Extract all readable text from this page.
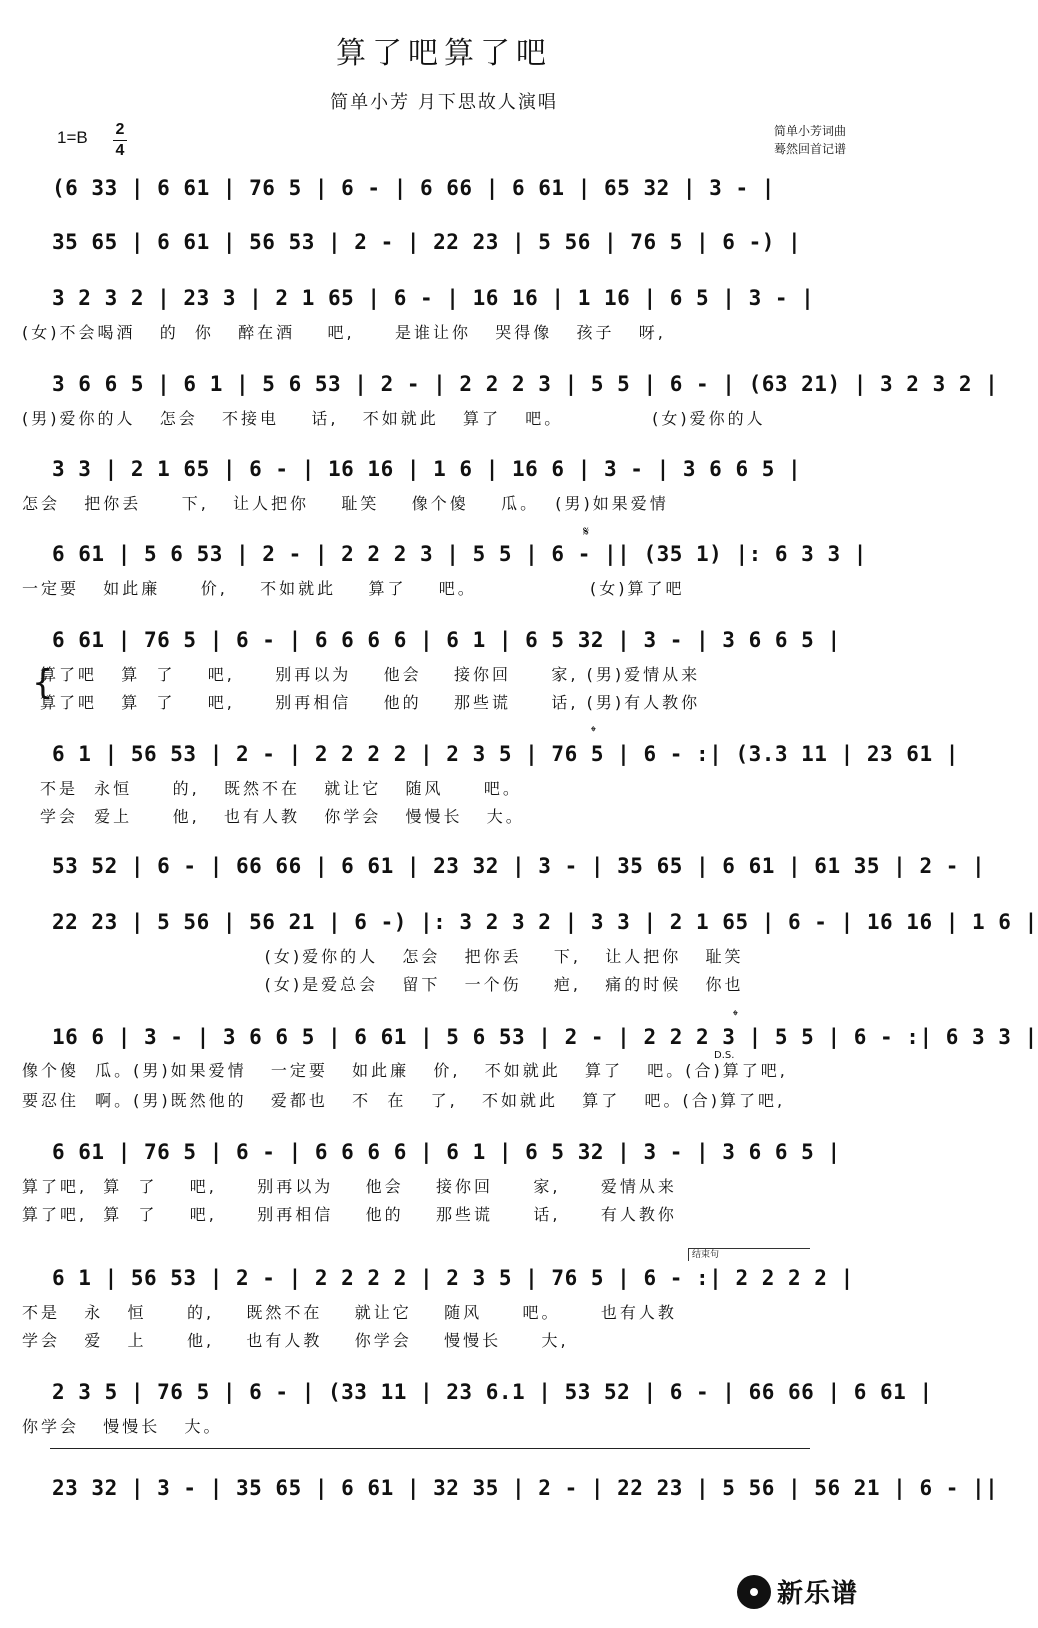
算了吧算了吧
简单小芳 月下思故人演唱
1=B	2
4
简单小芳词曲
蓦然回首记谱
(6 33 | 6 61 | 76 5 | 6 - | 6 66 | 6 61 | 65 32 | 3 - |
35 65 | 6 61 | 56 53 | 2 - | 22 23 | 5 56 | 76 5 | 6 -) |
3 2 3 2 | 23 3 | 2 1 65 | 6 - | 16 16 | 1 16 | 6 5 | 3 - |
(女)不会喝酒   的  你   醉在酒    吧,     是谁让你   哭得像   孩子   呀,
3 6 6 5 | 6 1 | 5 6 53 | 2 - | 2 2 2 3 | 5 5 | 6 - | (63 21) | 3 2 3 2 |
(男)爱你的人   怎会   不接电    话,   不如就此   算了   吧。           (女)爱你的人
3 3 | 2 1 65 | 6 - | 16 16 | 1 6 | 16 6 | 3 - | 3 6 6 5 |
怎会   把你丢     下,   让人把你    耻笑    像个傻    瓜。  (男)如果爱情
𝄋
6 61 | 5 6 53 | 2 - | 2 2 2 3 | 5 5 | 6 - || (35 1) |: 6 3 3 |
一定要   如此廉     价,    不如就此    算了    吧。              (女)算了吧
6 61 | 76 5 | 6 - | 6 6 6 6 | 6 1 | 6 5 32 | 3 - | 3 6 6 5 |
{
算了吧   算  了    吧,     别再以为    他会    接你回     家, (男)爱情从来
算了吧   算  了    吧,     别再相信    他的    那些谎     话, (男)有人教你
𝄌
6 1 | 56 53 | 2 - | 2 2 2 2 | 2 3 5 | 76 5 | 6 - :| (3.3 11 | 23 61 |
不是  永恒     的,   既然不在   就让它   随风     吧。
学会  爱上     他,   也有人教   你学会   慢慢长   大。
53 52 | 6 - | 66 66 | 6 61 | 23 32 | 3 - | 35 65 | 6 61 | 61 35 | 2 - |
22 23 | 5 56 | 56 21 | 6 -) |: 3 2 3 2 | 3 3 | 2 1 65 | 6 - | 16 16 | 1 6 |
(女)爱你的人   怎会   把你丢    下,   让人把你   耻笑
(女)是爱总会   留下   一个伤    疤,   痛的时候   你也
𝄌
16 6 | 3 - | 3 6 6 5 | 6 61 | 5 6 53 | 2 - | 2 2 2 3 | 5 5 | 6 - :| 6 3 3 |
D.S.
像个傻  瓜。(男)如果爱情   一定要   如此廉   价,   不如就此   算了   吧。(合)算了吧,
要忍住  啊。(男)既然他的   爱都也   不  在   了,   不如就此   算了   吧。(合)算了吧,
6 61 | 76 5 | 6 - | 6 6 6 6 | 6 1 | 6 5 32 | 3 - | 3 6 6 5 |
算了吧,  算  了    吧,     别再以为    他会    接你回     家,     爱情从来
算了吧,  算  了    吧,     别再相信    他的    那些谎     话,     有人教你
结束句
6 1 | 56 53 | 2 - | 2 2 2 2 | 2 3 5 | 76 5 | 6 - :| 2 2 2 2 |
不是   永   恒     的,    既然不在    就让它    随风     吧。     也有人教
学会   爱   上     他,    也有人教    你学会    慢慢长     大,
2 3 5 | 76 5 | 6 - | (33 11 | 23 6.1 | 53 52 | 6 - | 66 66 | 6 61 |
你学会   慢慢长   大。
23 32 | 3 - | 35 65 | 6 61 | 32 35 | 2 - | 22 23 | 5 56 | 56 21 | 6 - ||
新乐谱
